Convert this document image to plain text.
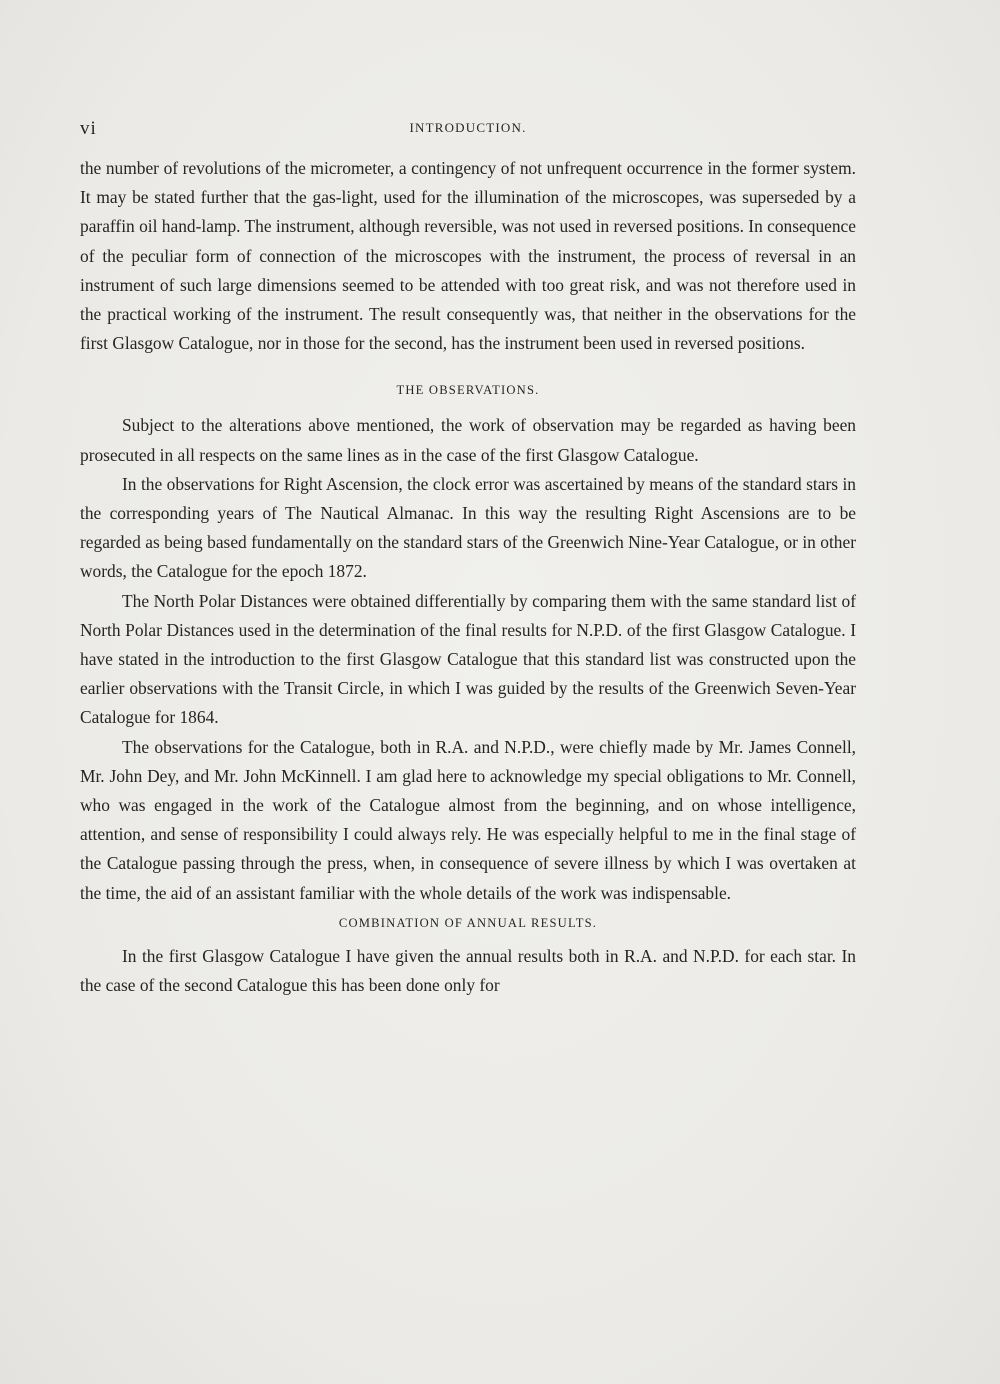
vi	INTRODUCTION.

the number of revolutions of the micrometer, a contingency of not unfrequent occurrence in the former system. It may be stated further that the gas-light, used for the illumination of the microscopes, was superseded by a paraffin oil hand-lamp. The instrument, although reversible, was not used in reversed positions. In consequence of the peculiar form of connection of the microscopes with the instrument, the process of reversal in an instrument of such large dimensions seemed to be attended with too great risk, and was not therefore used in the practical working of the instrument. The result consequently was, that neither in the observations for the first Glasgow Catalogue, nor in those for the second, has the instrument been used in reversed positions.

THE OBSERVATIONS.

Subject to the alterations above mentioned, the work of observation may be regarded as having been prosecuted in all respects on the same lines as in the case of the first Glasgow Catalogue.

In the observations for Right Ascension, the clock error was ascertained by means of the standard stars in the corresponding years of The Nautical Almanac. In this way the resulting Right Ascensions are to be regarded as being based fundamentally on the standard stars of the Greenwich Nine-Year Catalogue, or in other words, the Catalogue for the epoch 1872.

The North Polar Distances were obtained differentially by comparing them with the same standard list of North Polar Distances used in the determination of the final results for N.P.D. of the first Glasgow Catalogue. I have stated in the introduction to the first Glasgow Catalogue that this standard list was constructed upon the earlier observations with the Transit Circle, in which I was guided by the results of the Greenwich Seven-Year Catalogue for 1864.

The observations for the Catalogue, both in R.A. and N.P.D., were chiefly made by Mr. James Connell, Mr. John Dey, and Mr. John McKinnell. I am glad here to acknowledge my special obligations to Mr. Connell, who was engaged in the work of the Catalogue almost from the beginning, and on whose intelligence, attention, and sense of responsibility I could always rely. He was especially helpful to me in the final stage of the Catalogue passing through the press, when, in consequence of severe illness by which I was overtaken at the time, the aid of an assistant familiar with the whole details of the work was indispensable.

COMBINATION OF ANNUAL RESULTS.

In the first Glasgow Catalogue I have given the annual results both in R.A. and N.P.D. for each star. In the case of the second Catalogue this has been done only for
